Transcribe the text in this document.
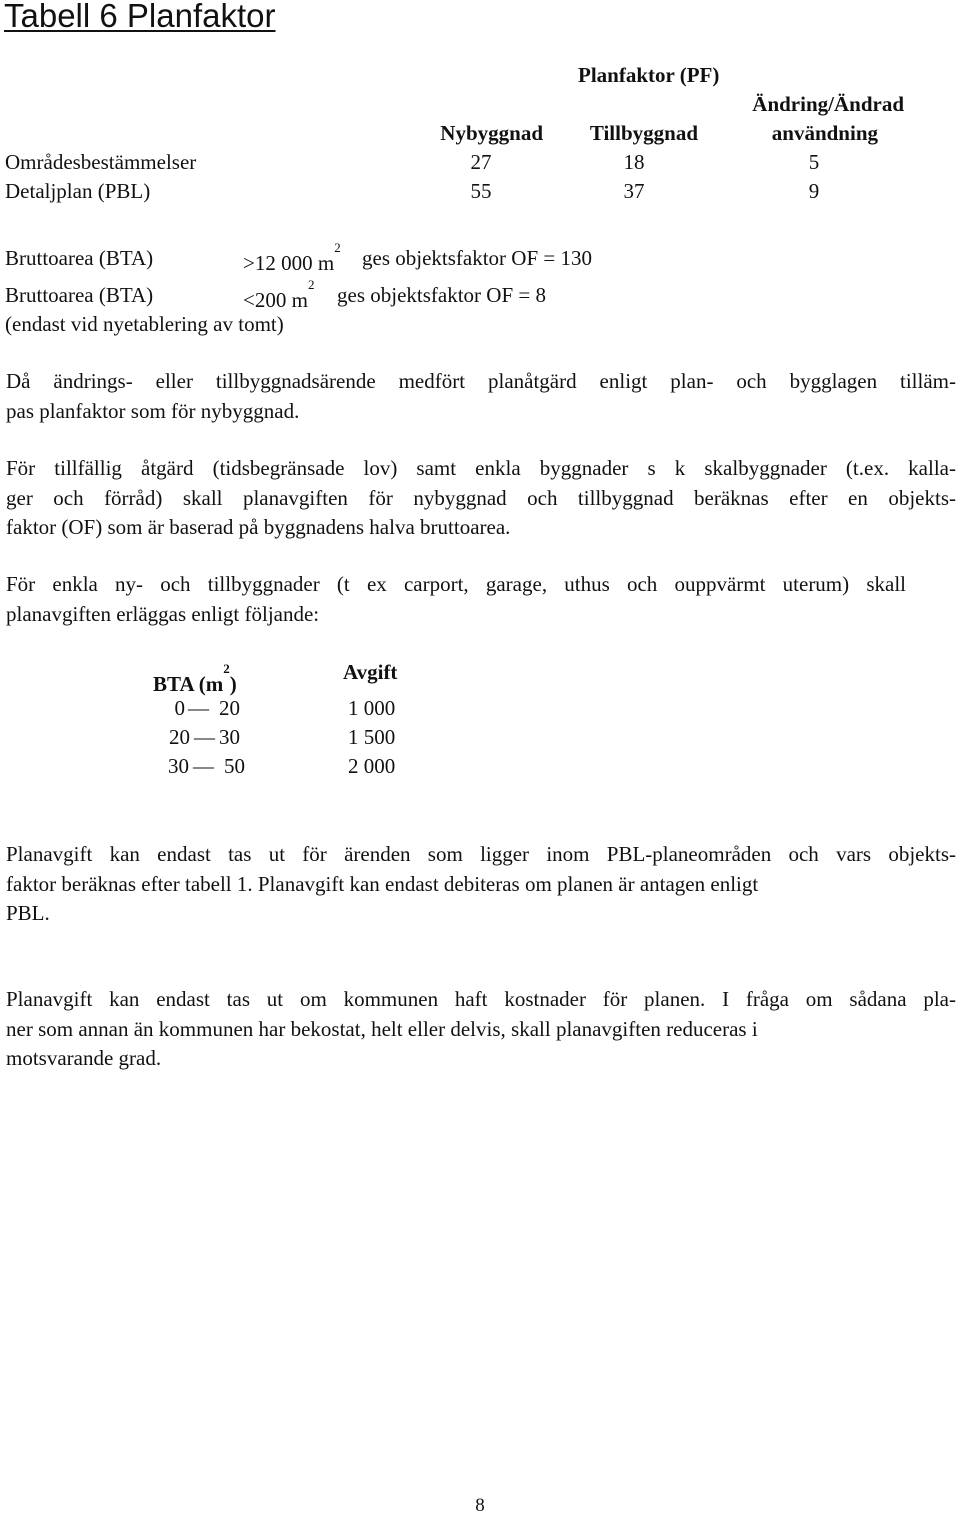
Tabell 6 Planfaktor
Planfaktor (PF)
Ändring/Ändrad
Nybyggnad	Tillbyggnad	användning
Områdesbestämmelser	27	18	5
Detaljplan (PBL)	55	37	9
Bruttoarea (BTA)	>12 000 $m^2$ ges objektsfaktor OF = 130
Bruttoarea (BTA)	<200 $m^2$ ges objektsfaktor OF = 8
(endast vid nyetablering av tomt)
Då ändrings- eller tillbyggnadsärende medfört planåtgärd enligt plan- och bygglagen tilläm-
pas planfaktor som för nybyggnad.
För tillfällig åtgärd (tidsbegränsade lov) samt enkla byggnader s k skalbyggnader (t.ex. kalla-
ger och förråd) skall planavgiften för nybyggnad och tillbyggnad beräknas efter en objekts-
faktor (OF) som är baserad på byggnadens halva bruttoarea.
För enkla ny- och tillbyggnader (t ex carport, garage, uthus och ouppvärmt uterum) skall
planavgiften erläggas enligt följande:
BTA $(m^2)$	Avgift
0 — 20	1 000
20 — 30	1 500
30 — 50	2 000
Planavgift kan endast tas ut för ärenden som ligger inom PBL-planeområden och vars objekts-
faktor beräknas efter tabell 1. Planavgift kan endast debiteras om planen är antagen enligt
PBL.
Planavgift kan endast tas ut om kommunen haft kostnader för planen. I fråga om sådana pla-
ner som annan än kommunen har bekostat, helt eller delvis, skall planavgiften reduceras i
motsvarande grad.
8
